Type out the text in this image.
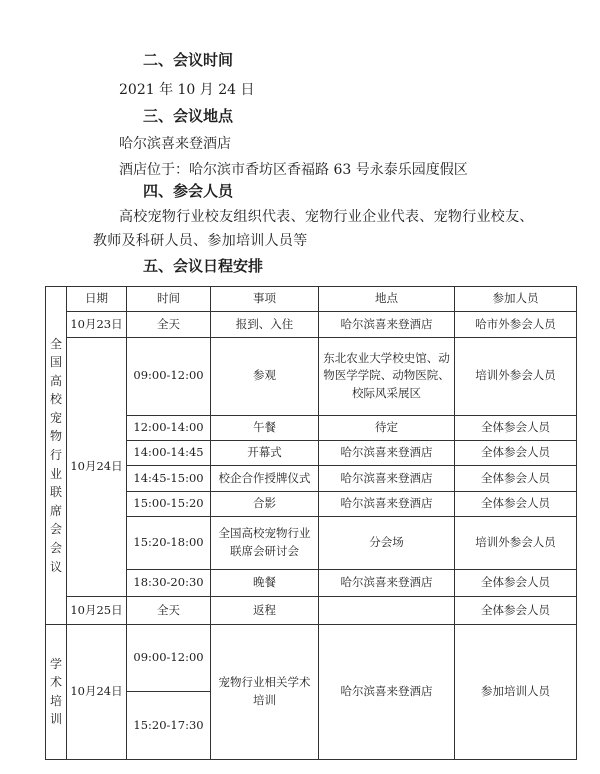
二、会议时间
2021 年 10 月 24 日
三、会议地点
哈尔滨喜来登酒店
酒店位于：哈尔滨市香坊区香福路 63 号永泰乐园度假区
四、参会人员
高校宠物行业校友组织代表、宠物行业企业代表、宠物行业校友、
教师及科研人员、参加培训人员等
五、会议日程安排
全国高校宠物行业联席会会议	日期	时间	事项	地点	参加人员
	10月23日	全天	报到、入住	哈尔滨喜来登酒店	哈市外参会人员
	10月24日	09:00-12:00	参观	东北农业大学校史馆、动物医学学院、动物医院、校际风采展区	培训外参会人员
		12:00-14:00	午餐	待定	全体参会人员
		14:00-14:45	开幕式	哈尔滨喜来登酒店	全体参会人员
		14:45-15:00	校企合作授牌仪式	哈尔滨喜来登酒店	全体参会人员
		15:00-15:20	合影	哈尔滨喜来登酒店	全体参会人员
		15:20-18:00	全国高校宠物行业联席会研讨会	分会场	培训外参会人员
		18:30-20:30	晚餐	哈尔滨喜来登酒店	全体参会人员
	10月25日	全天	返程		全体参会人员

学术培训	10月24日	09:00-12:00	宠物行业相关学术培训	哈尔滨喜来登酒店	参加培训人员
		15:20-17:30			
